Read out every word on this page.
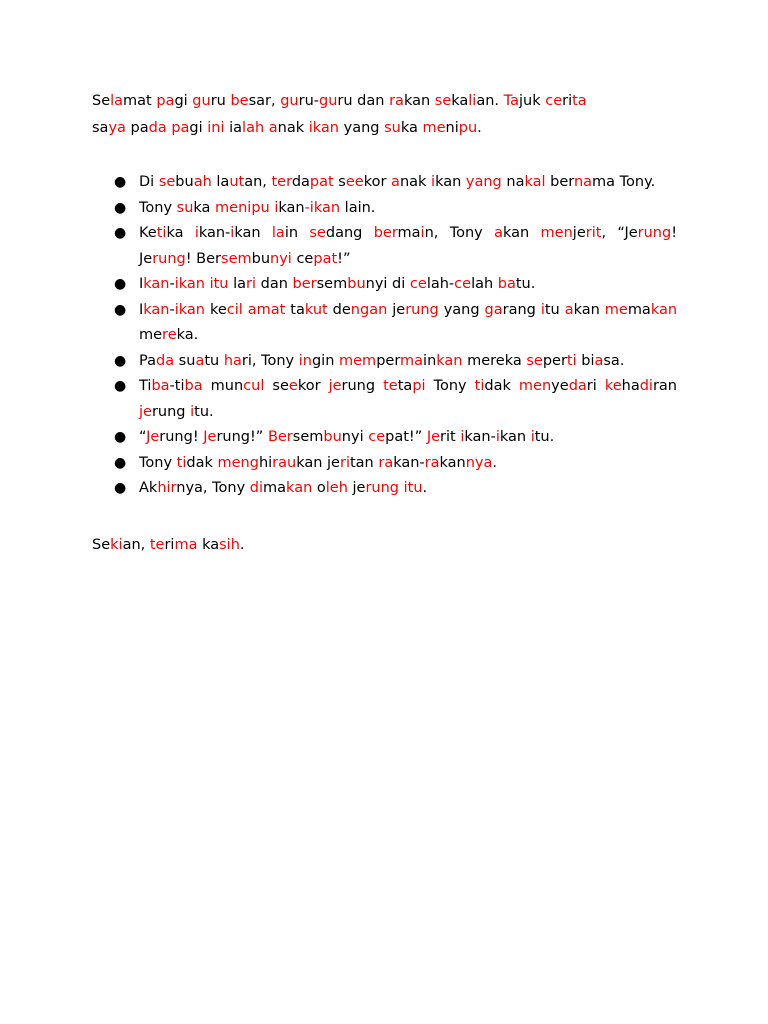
Selamat pagi guru besar, guru-guru dan rakan sekalian. Tajuk cerita

saya pada pagi ini ialah anak ikan yang suka menipu.

● Di sebuah lautan, terdapat seekor anak ikan yang nakal bernama Tony.
● Tony suka menipu ikan-ikan lain.
● Ketika ikan-ikan lain sedang bermain, Tony akan menjerit, “Jerung! Jerung! Bersembunyi cepat!”
● Ikan-ikan itu lari dan bersembunyi di celah-celah batu.
● Ikan-ikan kecil amat takut dengan jerung yang garang itu akan memakan mereka.
● Pada suatu hari, Tony ingin mempermainkan mereka seperti biasa.
● Tiba-tiba muncul seekor jerung tetapi Tony tidak menyedari kehadiran jerung itu.
● “Jerung! Jerung!” Bersembunyi cepat!” Jerit ikan-ikan itu.
● Tony tidak menghiraukan jeritan rakan-rakannya.
● Akhirnya, Tony dimakan oleh jerung itu.

Sekian, terima kasih.
